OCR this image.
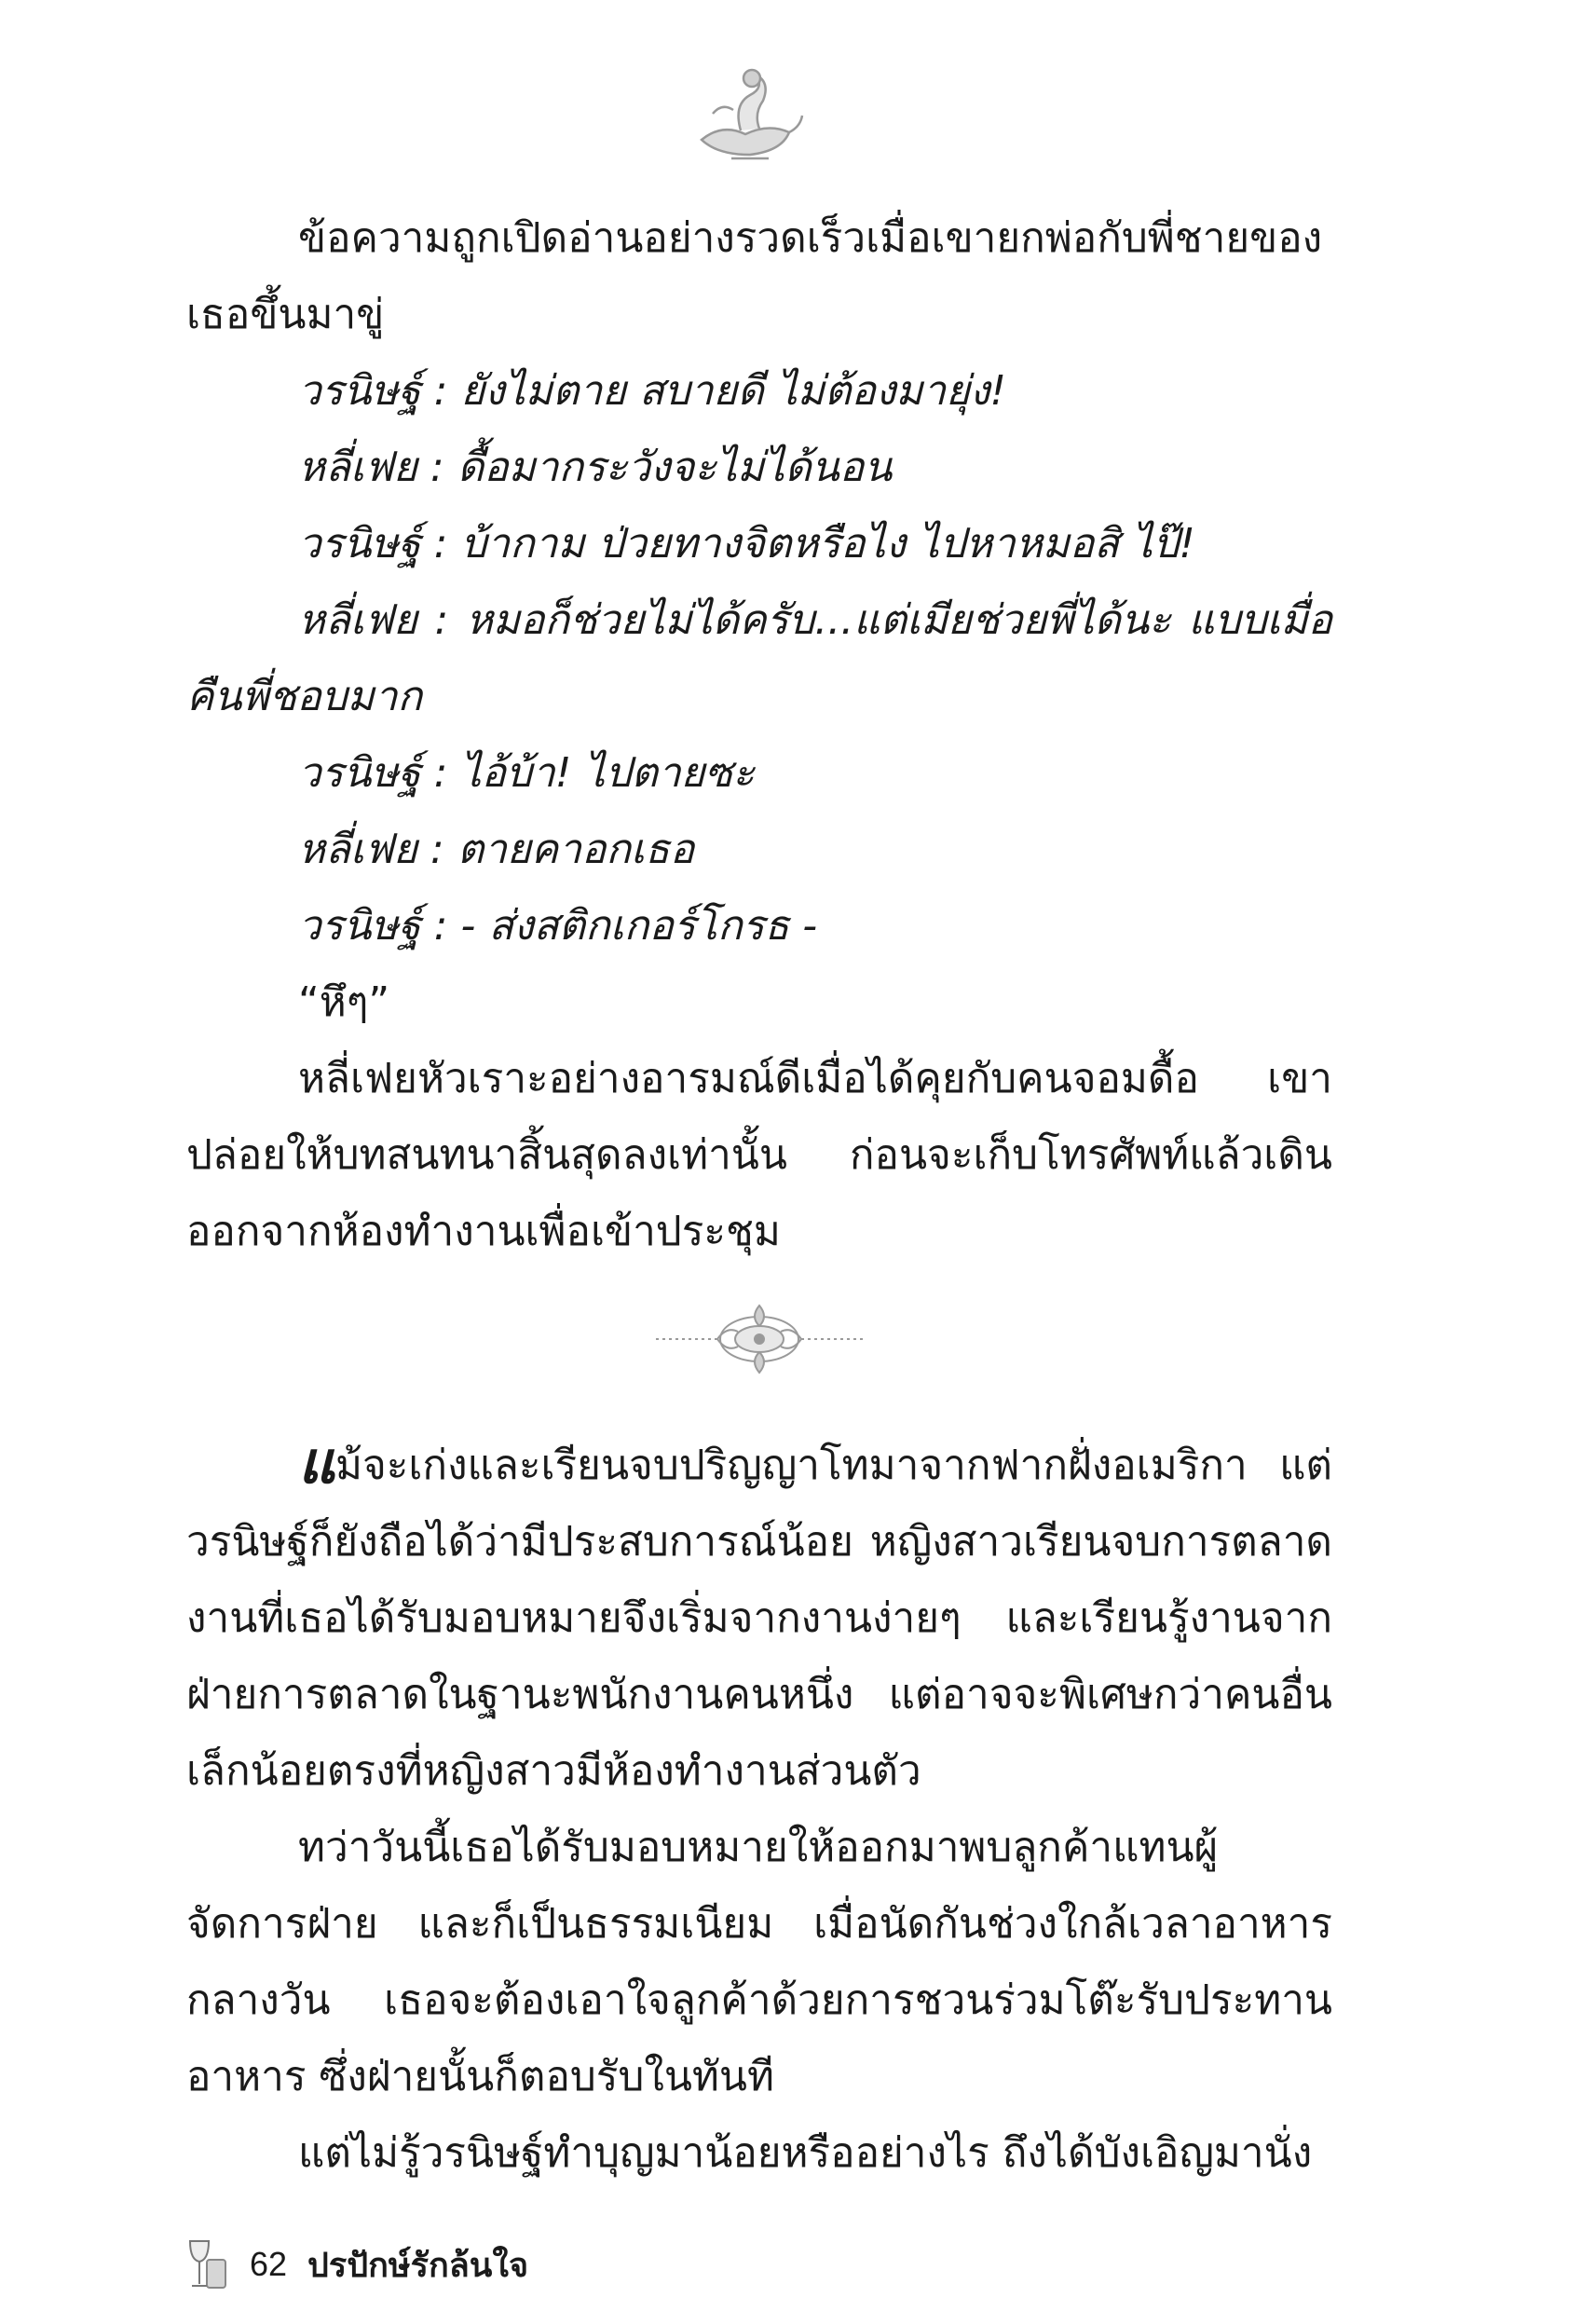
ข้อความถูกเปิดอ่านอย่างรวดเร็วเมื่อเขายกพ่อกับพี่ชายของเธอขึ้นมาขู่

วรนิษฐ์ : ยังไม่ตาย สบายดี ไม่ต้องมายุ่ง!

หลี่เฟย : ดื้อมากระวังจะไม่ได้นอน

วรนิษฐ์ : บ้ากาม ป่วยทางจิตหรือไง ไปหาหมอสิ ไป๊!

หลี่เฟย : หมอก็ช่วยไม่ได้ครับ...แต่เมียช่วยพี่ได้นะ แบบเมื่อคืนพี่ชอบมาก

วรนิษฐ์ : ไอ้บ้า! ไปตายซะ

หลี่เฟย : ตายคาอกเธอ

วรนิษฐ์ : - ส่งสติกเกอร์โกรธ -

“หึๆ”

หลี่เฟยหัวเราะอย่างอารมณ์ดีเมื่อได้คุยกับคนจอมดื้อ เขาปล่อยให้บทสนทนาสิ้นสุดลงเท่านั้น ก่อนจะเก็บโทรศัพท์แล้วเดินออกจากห้องทำงานเพื่อเข้าประชุม

แม้จะเก่งและเรียนจบปริญญาโทมาจากฟากฝั่งอเมริกา แต่วรนิษฐ์ก็ยังถือได้ว่ามีประสบการณ์น้อย หญิงสาวเรียนจบการตลาด งานที่เธอได้รับมอบหมายจึงเริ่มจากงานง่ายๆ และเรียนรู้งานจากฝ่ายการตลาดในฐานะพนักงานคนหนึ่ง แต่อาจจะพิเศษกว่าคนอื่นเล็กน้อยตรงที่หญิงสาวมีห้องทำงานส่วนตัว

ทว่าวันนี้เธอได้รับมอบหมายให้ออกมาพบลูกค้าแทนผู้จัดการฝ่าย และก็เป็นธรรมเนียม เมื่อนัดกันช่วงใกล้เวลาอาหารกลางวัน เธอจะต้องเอาใจลูกค้าด้วยการชวนร่วมโต๊ะรับประทานอาหาร ซึ่งฝ่ายนั้นก็ตอบรับในทันที

แต่ไม่รู้วรนิษฐ์ทำบุญมาน้อยหรืออย่างไร ถึงได้บังเอิญมานั่ง

62 ปรปักษ์รักล้นใจ
